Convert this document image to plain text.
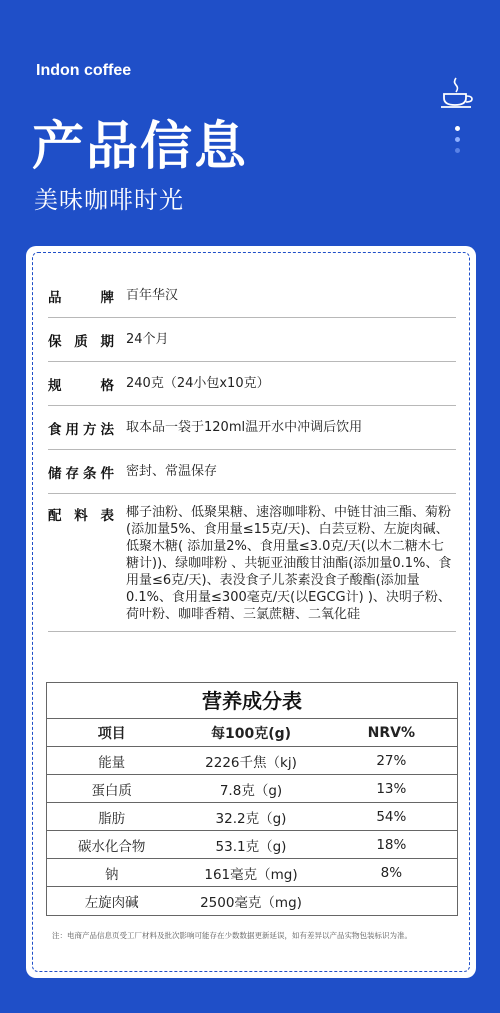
Indon coffee
产品信息
美味咖啡时光
品 牌 百年华汉
保 质 期 24个月
规 格 240克（24小包x10克）
食用方法 取本品一袋于120ml温开水中冲调后饮用
储存条件 密封、常温保存
配 料 表 椰子油粉、低聚果糖、速溶咖啡粉、中链甘油三酯、菊粉(添加量5%、食用量≤15克/天)、白芸豆粉、左旋肉碱、低聚木糖( 添加量2%、食用量≤3.0克/天(以木二糖木七糖计))、绿咖啡粉 、共轭亚油酸甘油酯(添加量0.1%、食用量≤6克/天)、表没食子儿茶素没食子酸酯(添加量0.1%、食用量≤300毫克/天(以EGCG计) )、决明子粉、荷叶粉、咖啡香精、三氯蔗糖、二氧化硅
营养成分表
项目	每100克(g)	NRV%
能量	2226千焦（kj)	27%
蛋白质	7.8克（g)	13%
脂肪	32.2克（g)	54%
碳水化合物	53.1克（g)	18%
钠	161毫克（mg)	8%
左旋肉碱	2500毫克（mg)
注：电商产品信息页受工厂材料及批次影响可能存在少数数据更新延误，如有差异以产品实物包装标识为准。
